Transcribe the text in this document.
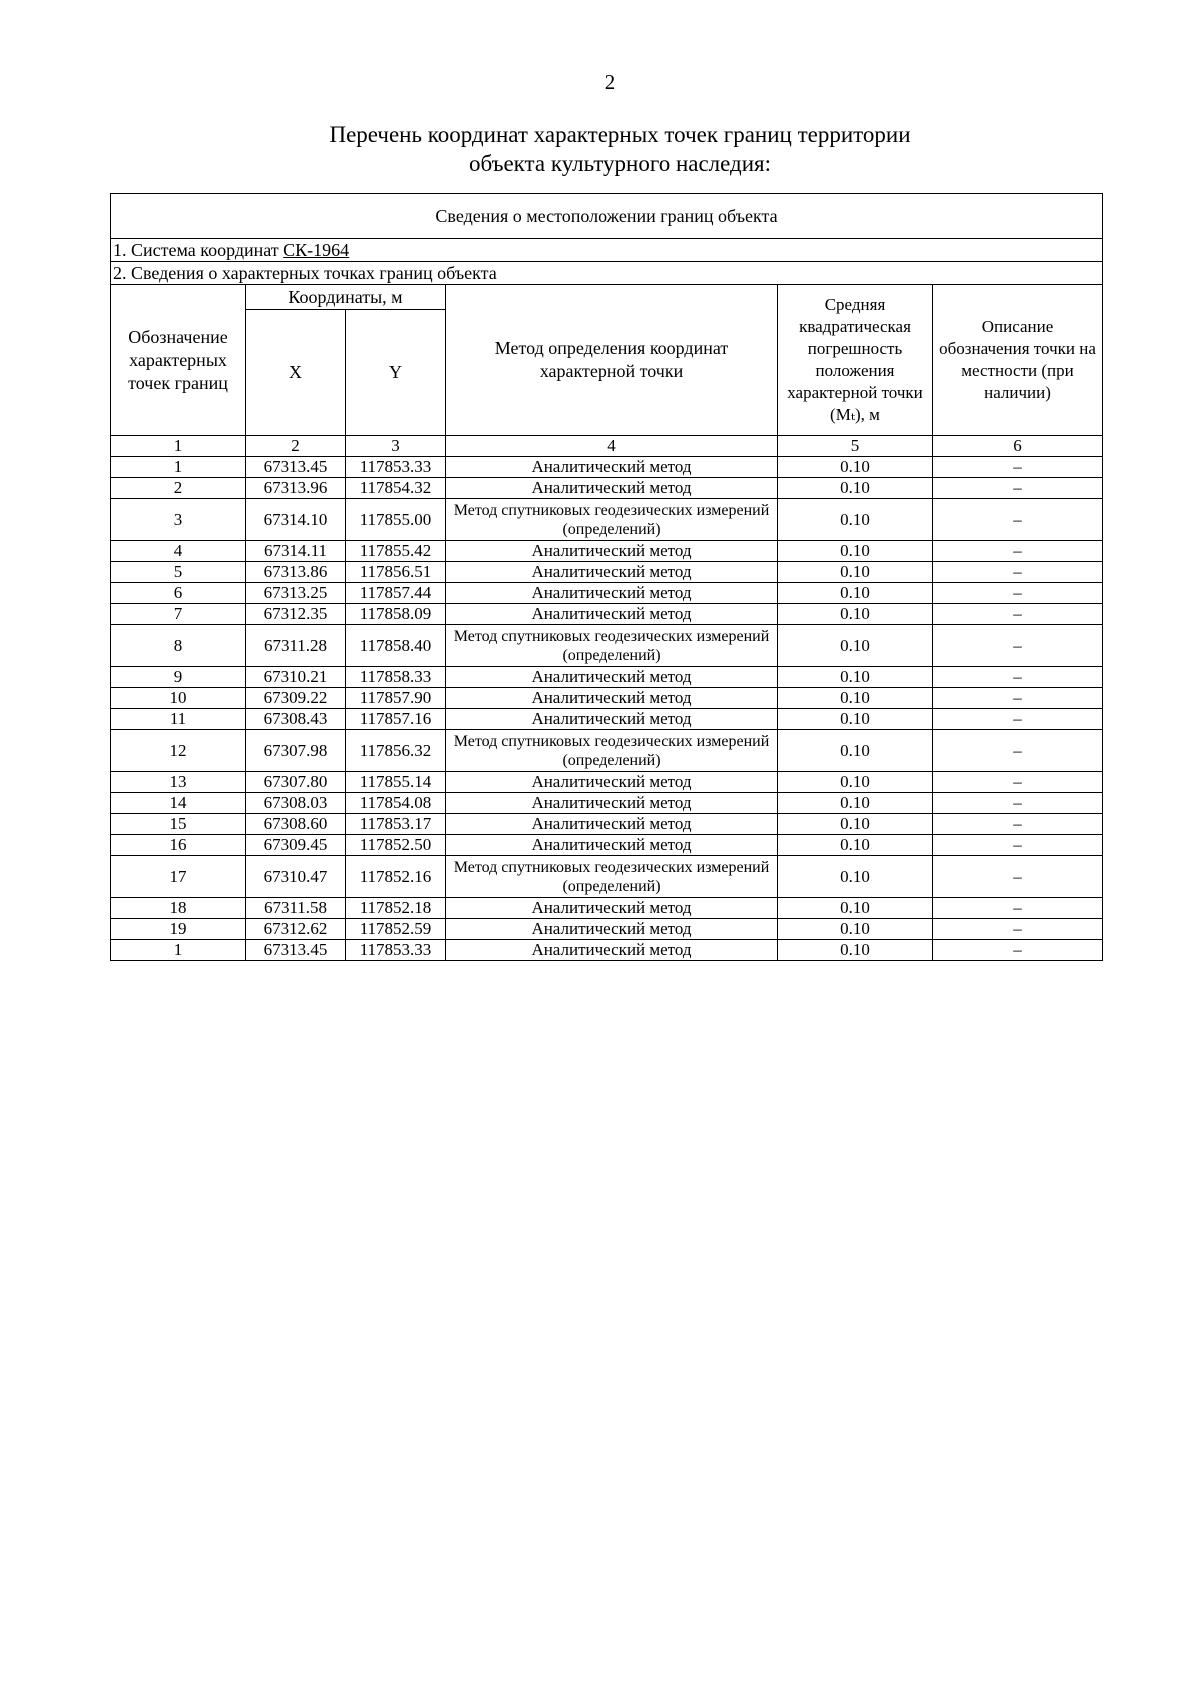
2
Перечень координат характерных точек границ территории
объекта культурного наследия:
Сведения о местоположении границ объекта					
1. Система координат СК-1964					
2. Сведения о характерных точках границ объекта					
Обозначение характерных точек границ	Координаты, м		Метод определения координат характерной точки	Средняя квадратическая погрешность положения характерной точки (Mₜ), м	Описание обозначения точки на местности (при наличии)
	X	Y			
1	2	3	4	5	6
1	67313.45	117853.33	Аналитический метод	0.10	–
2	67313.96	117854.32	Аналитический метод	0.10	–
3	67314.10	117855.00	Метод спутниковых геодезических измерений (определений)	0.10	–
4	67314.11	117855.42	Аналитический метод	0.10	–
5	67313.86	117856.51	Аналитический метод	0.10	–
6	67313.25	117857.44	Аналитический метод	0.10	–
7	67312.35	117858.09	Аналитический метод	0.10	–
8	67311.28	117858.40	Метод спутниковых геодезических измерений (определений)	0.10	–
9	67310.21	117858.33	Аналитический метод	0.10	–
10	67309.22	117857.90	Аналитический метод	0.10	–
11	67308.43	117857.16	Аналитический метод	0.10	–
12	67307.98	117856.32	Метод спутниковых геодезических измерений (определений)	0.10	–
13	67307.80	117855.14	Аналитический метод	0.10	–
14	67308.03	117854.08	Аналитический метод	0.10	–
15	67308.60	117853.17	Аналитический метод	0.10	–
16	67309.45	117852.50	Аналитический метод	0.10	–
17	67310.47	117852.16	Метод спутниковых геодезических измерений (определений)	0.10	–
18	67311.58	117852.18	Аналитический метод	0.10	–
19	67312.62	117852.59	Аналитический метод	0.10	–
1	67313.45	117853.33	Аналитический метод	0.10	–
